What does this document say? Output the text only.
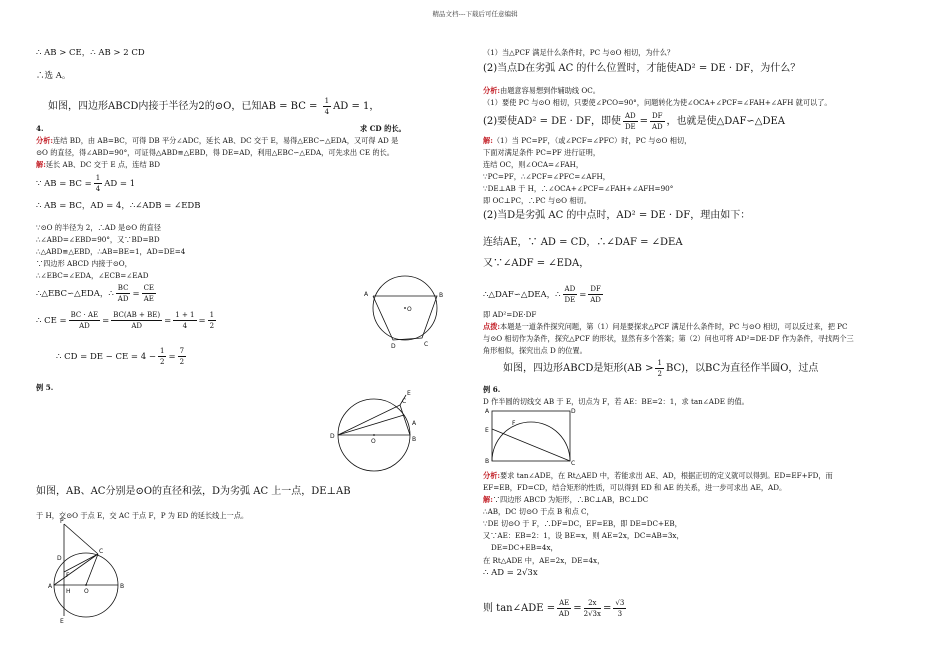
精品文档---下载后可任意编辑
∴ AB > CE，∴ AB > 2 CD
∴选 A。
如图，四边形ABCD内接于半径为2的⊙O，已知AB = BC = $\frac{1}{4}$ AD = 1，
4.	求 CD 的长。
分析:连结 BD，由 AB=BC，可得 DB 平分∠ADC，延长 AB、DC 交于 E，易得△EBC∽△EDA，又可得 AD 是
⊙O 的直径，得∠ABD=90°，可证得△ABD≌△EBD，得 DE=AD，利用△EBC∽△EDA，可先求出 CE 的长。
解:延长 AB、DC 交于 E 点，连结 BD
∵ AB = BC = $\frac{1}{4}$ AD = 1
∴ AB = BC，AD = 4，∴∠ADB = ∠EDB
∵⊙O 的半径为 2，∴AD 是⊙O 的直径
∴∠ABD=∠EBD=90°，又∵BD=BD
∴△ABD≌△EBD，∴AB=BE=1，AD=DE=4
∵四边形 ABCD 内接于⊙O，
∴∠EBC=∠EDA，∠ECB=∠EAD
∴△EBC∽△EDA，∴ $\frac{BC}{AD} = \frac{CE}{AE}$
∴ CE = $\frac{BC \cdot AE}{AD} = \frac{BC(AB + BE)}{AD} = \frac{1 + 1}{4} = \frac{1}{2}$
∴ CD = DE − CE = $4 - \frac{1}{2} = \frac{7}{2}$
例 5.
如图，AB、AC分别是⊙O的直径和弦，D为劣弧 AC 上一点，DE⊥AB
于 H，交⊙O 于点 E，交 AC 于点 F，P 为 ED 的延长线上一点。
A	B
C
O
D
E
C
A
D
O	B
P
C
D
F
A
H O
B
E
（1）当△PCF 满足什么条件时，PC 与⊙O 相切，为什么？
(2)当点D在劣弧 AC 的什么位置时，才能使AD² = DE · DF，为什么？
分析:由题意容易想到作辅助线 OC。
（1）要使 PC 与⊙O 相切，只要使∠PCO=90°，问题转化为使∠OCA+∠PCF=∠FAH+∠AFH 就可以了。
(2)要使AD² = DE · DF，即使 $\frac{AD}{DE} = \frac{DF}{AD}$ ，也就是使△DAF∽△DEA
解:（1）当 PC=PF，（或∠PCF=∠PFC）时，PC 与⊙O 相切，
下面对满足条件 PC=PF 进行证明，
连结 OC，则∠OCA=∠FAH，
∵PC=PF，∴∠PCF=∠PFC=∠AFH，
∵DE⊥AB 于 H，∴∠OCA+∠PCF=∠FAH+∠AFH=90°
即 OC⊥PC，∴PC 与⊙O 相切。
(2)当D是劣弧 AC 的中点时，AD² = DE · DF，理由如下：
连结AE，∵ AD = CD，∴∠DAF = ∠DEA
又∵∠ADF = ∠EDA，
∴△DAF∽△DEA，∴ $\frac{AD}{DE} = \frac{DF}{AD}$
即 AD²=DE·DF
点拨:本题是一道条件探究问题，第（1）问是要探求△PCF 满足什么条件时，PC 与⊙O 相切，可以反过来，把 PC
与⊙O 相切作为条件，探究△PCF 的形状，显然有多个答案；第（2）问也可将 AD²=DE·DF 作为条件，寻找两个三
角形相似，探究出点 D 的位置。
如图，四边形ABCD是矩形$(AB > \frac{1}{2} BC)$，以BC为直径作半圆O，过点
例 6.
D 作半圆的切线交 AB 于 E，切点为 F，若 AE：BE=2：1，求 tan∠ADE 的值。
分析:要求 tan∠ADE，在 Rt△AED 中，若能求出 AE、AD，根据正切的定义就可以得到。ED=EF+FD，而
EF=EB，FD=CD，结合矩形的性质，可以得到 ED 和 AE 的关系，进一步可求出 AE，AD。
解:∵四边形 ABCD 为矩形，∴BC⊥AB，BC⊥DC
∴AB，DC 切⊙O 于点 B 和点 C，
∵DE 切⊙O 于 F，∴DF=DC，EF=EB，即 DE=DC+EB，
又∵AE：EB=2：1，设 BE=x，则 AE=2x，DC=AB=3x，
DE=DC+EB=4x，
在 Rt△ADE 中，AE=2x，DE=4x，
∴ AD = 2√3x
则 tan∠ADE = $\frac{AE}{AD} = \frac{2x}{2√3x} = \frac{√3}{3}$
A
E
B
F
D
C
